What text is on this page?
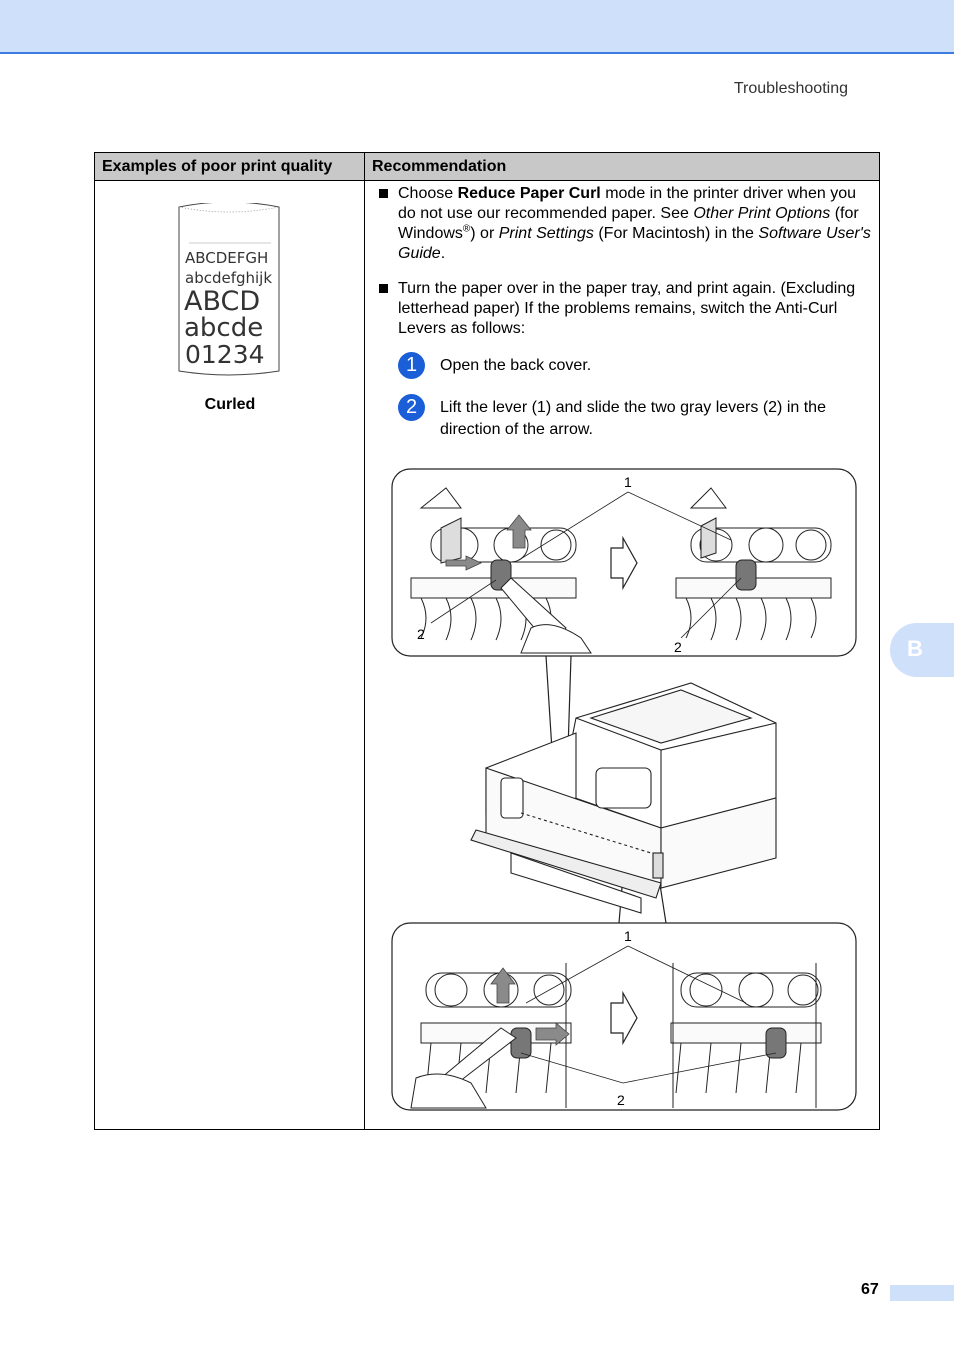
Troubleshooting
B
Examples of poor print quality	Recommendation
ABCDEFGH
abcdefghijk
ABCD
abcde
01234
Curled
Choose Reduce Paper Curl mode in the printer driver when you do not use our recommended paper. See Other Print Options (for Windows®) or Print Settings (For Macintosh) in the Software User's Guide.
Turn the paper over in the paper tray, and print again. (Excluding letterhead paper) If the problems remains, switch the Anti-Curl Levers as follows:
1	Open the back cover.
2	Lift the lever (1) and slide the two gray levers (2) in the direction of the arrow.
1
2
2
1
2
67
